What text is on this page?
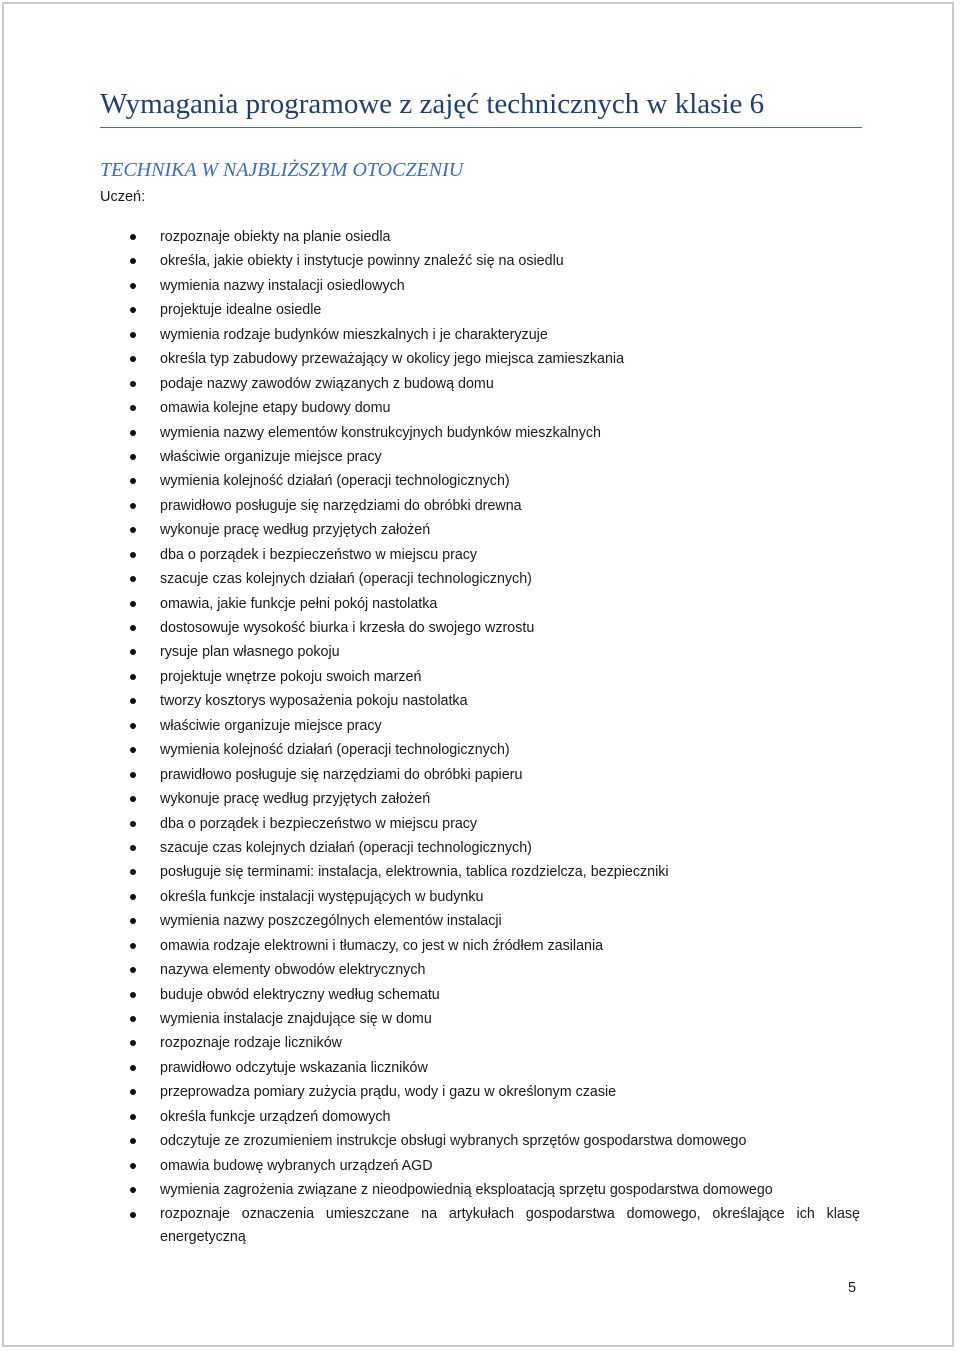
Wymagania programowe z zajęć technicznych w klasie 6
TECHNIKA W NAJBLIŻSZYM OTOCZENIU
Uczeń:
rozpoznaje obiekty na planie osiedla
określa, jakie obiekty i instytucje powinny znaleźć się na osiedlu
wymienia nazwy instalacji osiedlowych
projektuje idealne osiedle
wymienia rodzaje budynków mieszkalnych i je charakteryzuje
określa typ zabudowy przeważający w okolicy jego miejsca zamieszkania
podaje nazwy zawodów związanych z budową domu
omawia kolejne etapy budowy domu
wymienia nazwy elementów konstrukcyjnych budynków mieszkalnych
właściwie organizuje miejsce pracy
wymienia kolejność działań (operacji technologicznych)
prawidłowo posługuje się narzędziami do obróbki drewna
wykonuje pracę według przyjętych założeń
dba o porządek i bezpieczeństwo w miejscu pracy
szacuje czas kolejnych działań (operacji technologicznych)
omawia, jakie funkcje pełni pokój nastolatka
dostosowuje wysokość biurka i krzesła do swojego wzrostu
rysuje plan własnego pokoju
projektuje wnętrze pokoju swoich marzeń
tworzy kosztorys wyposażenia pokoju nastolatka
właściwie organizuje miejsce pracy
wymienia kolejność działań (operacji technologicznych)
prawidłowo posługuje się narzędziami do obróbki papieru
wykonuje pracę według przyjętych założeń
dba o porządek i bezpieczeństwo w miejscu pracy
szacuje czas kolejnych działań (operacji technologicznych)
posługuje się terminami: instalacja, elektrownia, tablica rozdzielcza, bezpieczniki
określa funkcje instalacji występujących w budynku
wymienia nazwy poszczególnych elementów instalacji
omawia rodzaje elektrowni i tłumaczy, co jest w nich źródłem zasilania
nazywa elementy obwodów elektrycznych
buduje obwód elektryczny według schematu
wymienia instalacje znajdujące się w domu
rozpoznaje rodzaje liczników
prawidłowo odczytuje wskazania liczników
przeprowadza pomiary zużycia prądu, wody i gazu w określonym czasie
określa funkcje urządzeń domowych
odczytuje ze zrozumieniem instrukcje obsługi wybranych sprzętów gospodarstwa domowego
omawia budowę wybranych urządzeń AGD
wymienia zagrożenia związane z nieodpowiednią eksploatacją sprzętu gospodarstwa domowego
rozpoznaje oznaczenia umieszczane na artykułach gospodarstwa domowego, określające ich klasę energetyczną
5
